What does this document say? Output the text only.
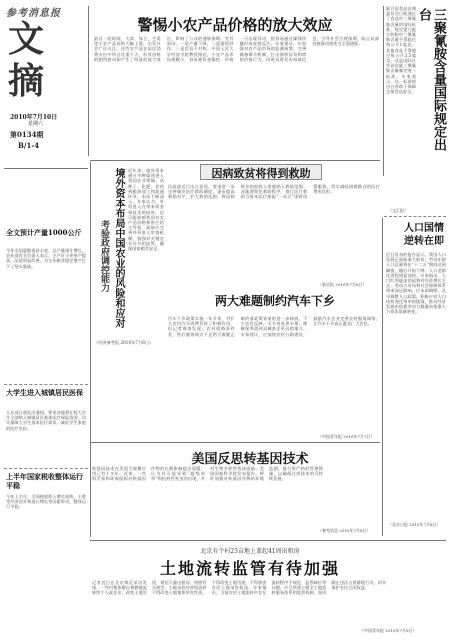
参考消息报
文摘
2010年7月10日
星期六
第0134期
B/1-4
警惕小农产品价格的放大效应
最近一段时间，大蒜、绿豆、生姜等小农产品价格大幅上涨，引发社会广泛关注。这些农产品在居民消费支出中所占比重不大，但其价格的剧烈波动却产生了明显的放大效应，影响了公众的通胀预期。究其原因，一是产量下降，二是游资炒作，三是信息不对称。中国人民大学经济学院教授指出，小农产品市场规模小、容易被资金操控，价格一旦出现异动，很容易通过媒体传播形成连锁反应。专家建议，应加强对农产品市场的监测预警，完善储备调节机制，打击囤积居奇和哄抬价格行为，同时及时发布权威信息，引导社会合理预期，防止局部价格波动演变为全面通胀。
联合国食品法典委员会日前通过了食品中三聚氰胺含量的国际标准。规定婴儿配方奶粉中三聚氰胺含量不得超过每公斤1毫克，其他食品不得超过每公斤2.5毫克。这是国际社会首次就三聚氰胺含量制定统一标准。专家表示，这一标准的出台有助于保障全球食品安全。	三聚氰胺含量国际规定出台
（文汇报）
人口国情逆转在即
近日发布的报告显示，我国人口发展正面临重大转折。劳动年龄人口总量将在“十二五”期间达到峰值，随后开始下降，人口老龄化进程明显加快。专家指出，人口红利逐步消退将对经济增长方式、劳动力市场和社会保障体系带来深远影响。应未雨绸缪，及早调整人口政策，积极应对人口结构变化带来的挑战，推动经济发展由依靠劳动力数量向依靠人力资本质量转变。
（北京日报 2010年7月8日）
全文预计产量1000公斤
今年全国夏粮再获丰收，总产量预计增长。农业部有关负责人表示，主产区小麦单产提高，品质明显改善，为全年粮食稳定增产打下了坚实基础。
大学生进入城镇居民医保
人社部日前发出通知，要求各地将在校大学生全部纳入城镇居民基本医疗保险范围，切实保障大学生基本医疗需求，减轻学生家庭的医疗负担。
上半年国家税收整体运行平稳
今年上半年，全国税收收入增长较快，主要受经济回升和进口增长等因素带动，整体运行平稳。
境外资本布局中国农业的风险和应对
考验政府调控能力
近年来，境外资本通过多种渠道进入我国农业领域，从种子、化肥、农药到粮油加工和流通环节，布局不断深入。专家认为，外资进入在带来资金和技术的同时，也可能影响我国对农产品价格和供应的主导权。政府应完善外资准入审查机制，加强对关键农业环节的监管，确保国家粮食安全。
（经济参考报 2010年7月8日）
因病致贫将得到救助
民政部近日出台意见，要求进一步完善城乡医疗救助制度，逐步提高救助水平，扩大救助范围，将因病致贫的低收入家庭纳入救助范围。各地要简化救助程序，推行医疗救助与基本医疗保险“一站式”即时结算服务，切实减轻困难群众的医疗费用负担。
（新京报 2010年7月6日）
两大难题制约汽车下乡
汽车下乡政策实施一年多来，对扩大农村汽车消费发挥了积极作用。但记者调查发现，农村道路条件差、售后服务网点不足两大难题正制约着政策效果的进一步释放。不少农民反映，买车容易养车难，维修保养需到县城甚至更远的地方。专家建议，应加快农村公路建设，鼓励汽车企业完善农村服务网络，让汽车下乡真正惠及广大农民。
（中国青年报 2010年7月7日）
美国反思转基因技术
转基因技术在美国大规模应用已有十多年。近来，一些科学家和环保组织对转基因作物的长期影响提出质疑，认为其可能导致“超级杂草”和抗药性害虫的出现，并对生物多样性构成威胁。美国国家科学院发布报告，呼吁加强对转基因作物的环境监测，推行更严格的管理措施，以确保这项技术的可持续发展。
（参考消息 2010年7月8日）
北京有个村23亩地上盖起41周出租房
土地流转监管有待加强
记者近日在北京郊区采访发现，一些村集体擅自将耕地流转给个人或企业，改变土地用途，建起大量出租房。按照有关规定，土地承包经营权流转不得改变土地集体所有性质，不得改变土地用途，不得损害农民土地承包权益。专家指出，当前农村土地流转中存在流转程序不规范、监管缺位等问题，应尽快建立健全土地流转服务体系和监管机制，坚决制止违法占用耕地行为，切实保护农民合法权益。
（中国青年报 2010年7月6日）
